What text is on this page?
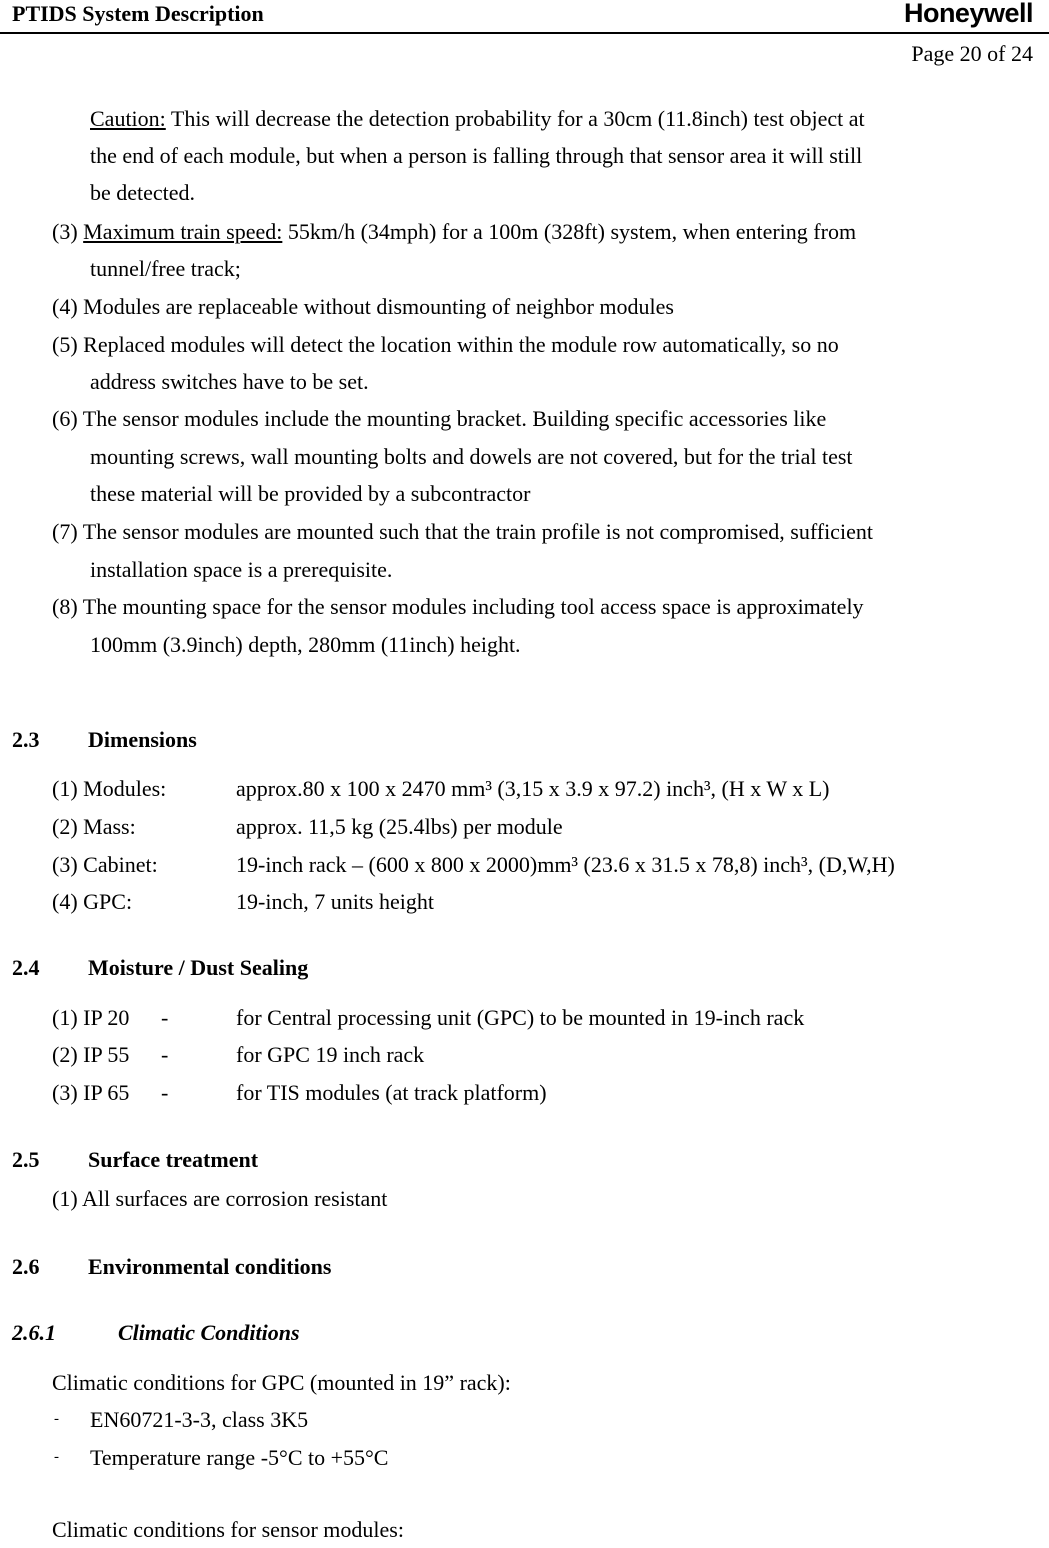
PTIDS System Description	Honeywell
Page 20 of 24
Caution: This will decrease the detection probability for a 30cm (11.8inch) test object at
the end of each module, but when a person is falling through that sensor area it will still
be detected.
(3) Maximum train speed: 55km/h (34mph) for a 100m (328ft) system, when entering from
tunnel/free track;
(4) Modules are replaceable without dismounting of neighbor modules
(5) Replaced modules will detect the location within the module row automatically, so no
address switches have to be set.
(6) The sensor modules include the mounting bracket. Building specific accessories like
mounting screws, wall mounting bolts and dowels are not covered, but for the trial test
these material will be provided by a subcontractor
(7) The sensor modules are mounted such that the train profile is not compromised, sufficient
installation space is a prerequisite.
(8) The mounting space for the sensor modules including tool access space is approximately
100mm (3.9inch) depth, 280mm (11inch) height.
2.3 Dimensions
(1) Modules:	approx.80 x 100 x 2470 mm³ (3,15 x 3.9 x 97.2) inch³, (H x W x L)
(2) Mass:	approx. 11,5 kg (25.4lbs) per module
(3) Cabinet:	19-inch rack – (600 x 800 x 2000)mm³ (23.6 x 31.5 x 78,8) inch³, (D,W,H)
(4) GPC:	19-inch, 7 units height
2.4 Moisture / Dust Sealing
(1) IP 20 -	for Central processing unit (GPC) to be mounted in 19-inch rack
(2) IP 55 -	for GPC 19 inch rack
(3) IP 65 -	for TIS modules (at track platform)
2.5 Surface treatment
(1) All surfaces are corrosion resistant
2.6 Environmental conditions
2.6.1	Climatic Conditions
Climatic conditions for GPC (mounted in 19” rack):
- EN60721-3-3, class 3K5
- Temperature range -5°C to +55°C
Climatic conditions for sensor modules:
